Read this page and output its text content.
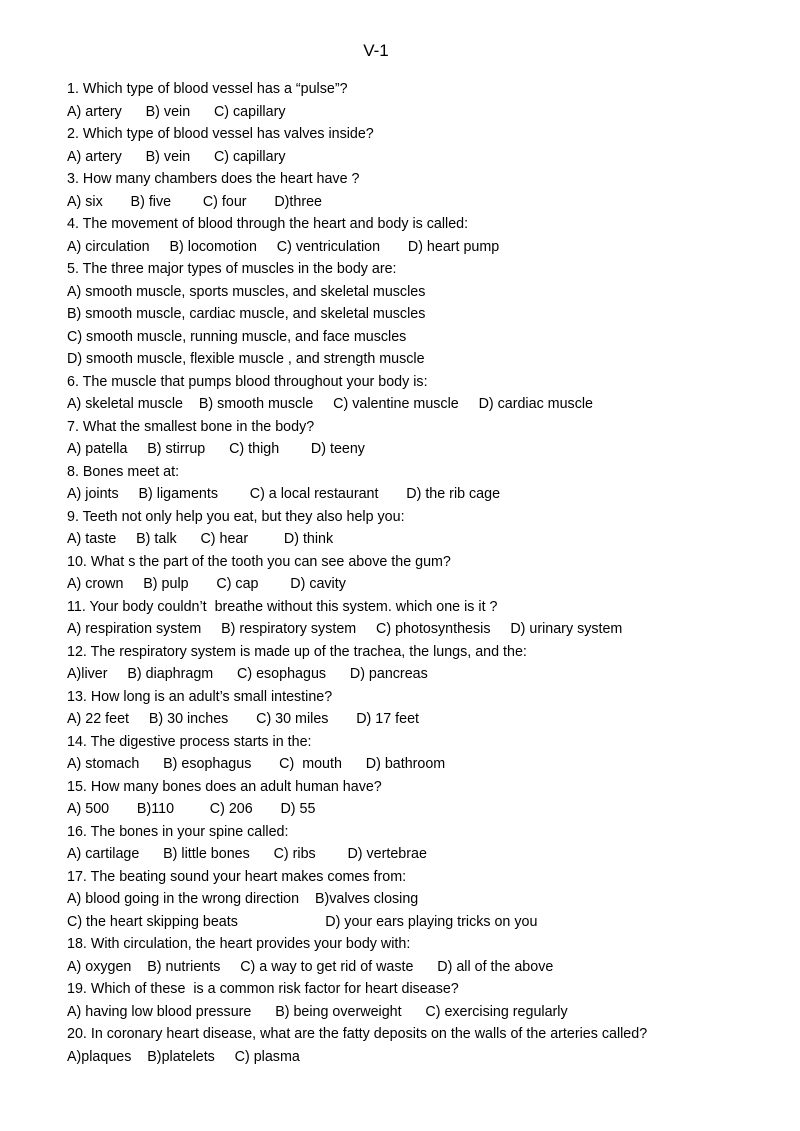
V-1
1. Which type of blood vessel has a “pulse”?
A) artery      B) vein      C) capillary
2. Which type of blood vessel has valves inside?
A) artery      B) vein      C) capillary
3. How many chambers does the heart have ?
A) six       B) five        C) four       D)three
4. The movement of blood through the heart and body is called:
A) circulation     B) locomotion     C) ventriculation       D) heart pump
5. The three major types of muscles in the body are:
A) smooth muscle, sports muscles, and skeletal muscles
B) smooth muscle, cardiac muscle, and skeletal muscles
C) smooth muscle, running muscle, and face muscles
D) smooth muscle, flexible muscle , and strength muscle
6. The muscle that pumps blood throughout your body is:
A) skeletal muscle    B) smooth muscle     C) valentine muscle     D) cardiac muscle
7. What the smallest bone in the body?
A) patella     B) stirrup      C) thigh        D) teeny
8. Bones meet at:
A) joints     B) ligaments        C) a local restaurant       D) the rib cage
9. Teeth not only help you eat, but they also help you:
A) taste     B) talk      C) hear         D) think
10. What s the part of the tooth you can see above the gum?
A) crown     B) pulp       C) cap        D) cavity
11. Your body couldn’t  breathe without this system. which one is it ?
A) respiration system     B) respiratory system     C) photosynthesis     D) urinary system
12. The respiratory system is made up of the trachea, the lungs, and the:
A)liver     B) diaphragm      C) esophagus      D) pancreas
13. How long is an adult’s small intestine?
A) 22 feet     B) 30 inches       C) 30 miles       D) 17 feet
14. The digestive process starts in the:
A) stomach      B) esophagus       C)  mouth      D) bathroom
15. How many bones does an adult human have?
A) 500       B)110         C) 206       D) 55
16. The bones in your spine called:
A) cartilage      B) little bones      C) ribs        D) vertebrae
17. The beating sound your heart makes comes from:
A) blood going in the wrong direction    B)valves closing
C) the heart skipping beats                      D) your ears playing tricks on you
18. With circulation, the heart provides your body with:
A) oxygen    B) nutrients     C) a way to get rid of waste      D) all of the above
19. Which of these  is a common risk factor for heart disease?
A) having low blood pressure      B) being overweight      C) exercising regularly
20. In coronary heart disease, what are the fatty deposits on the walls of the arteries called?
A)plaques    B)platelets     C) plasma
